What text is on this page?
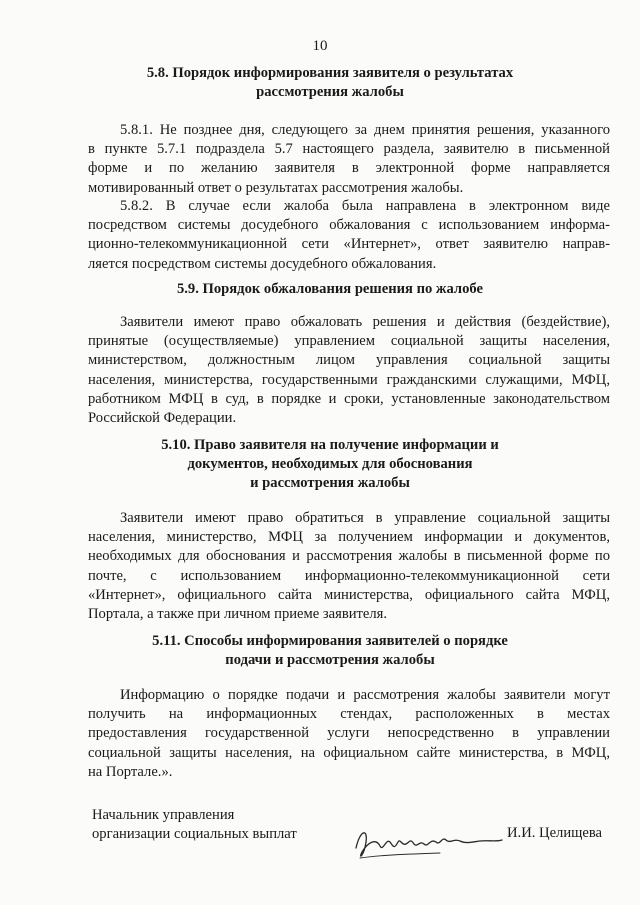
10
5.8. Порядок информирования заявителя о результатах
рассмотрения жалобы
5.8.1. Не позднее дня, следующего за днем принятия решения, указанного
в пункте 5.7.1 подраздела 5.7 настоящего раздела, заявителю в письменной
форме и по желанию заявителя в электронной форме направляется
мотивированный ответ о результатах рассмотрения жалобы.
5.8.2. В случае если жалоба была направлена в электронном виде
посредством системы досудебного обжалования с использованием информа-
ционно-телекоммуникационной сети «Интернет», ответ заявителю направ-
ляется посредством системы досудебного обжалования.
5.9. Порядок обжалования решения по жалобе
Заявители имеют право обжаловать решения и действия (бездействие),
принятые (осуществляемые) управлением социальной защиты населения,
министерством, должностным лицом управления социальной защиты
населения, министерства, государственными гражданскими служащими, МФЦ,
работником МФЦ в суд, в порядке и сроки, установленные законодательством
Российской Федерации.
5.10. Право заявителя на получение информации и
документов, необходимых для обоснования
и рассмотрения жалобы
Заявители имеют право обратиться в управление социальной защиты
населения, министерство, МФЦ за получением информации и документов,
необходимых для обоснования и рассмотрения жалобы в письменной форме по
почте, с использованием информационно-телекоммуникационной сети
«Интернет», официального сайта министерства, официального сайта МФЦ,
Портала, а также при личном приеме заявителя.
5.11. Способы информирования заявителей о порядке
подачи и рассмотрения жалобы
Информацию о порядке подачи и рассмотрения жалобы заявители могут
получить на информационных стендах, расположенных в местах
предоставления государственной услуги непосредственно в управлении
социальной защиты населения, на официальном сайте министерства, в МФЦ,
на Портале.».
Начальник управления
организации социальных выплат	И.И. Целищева
